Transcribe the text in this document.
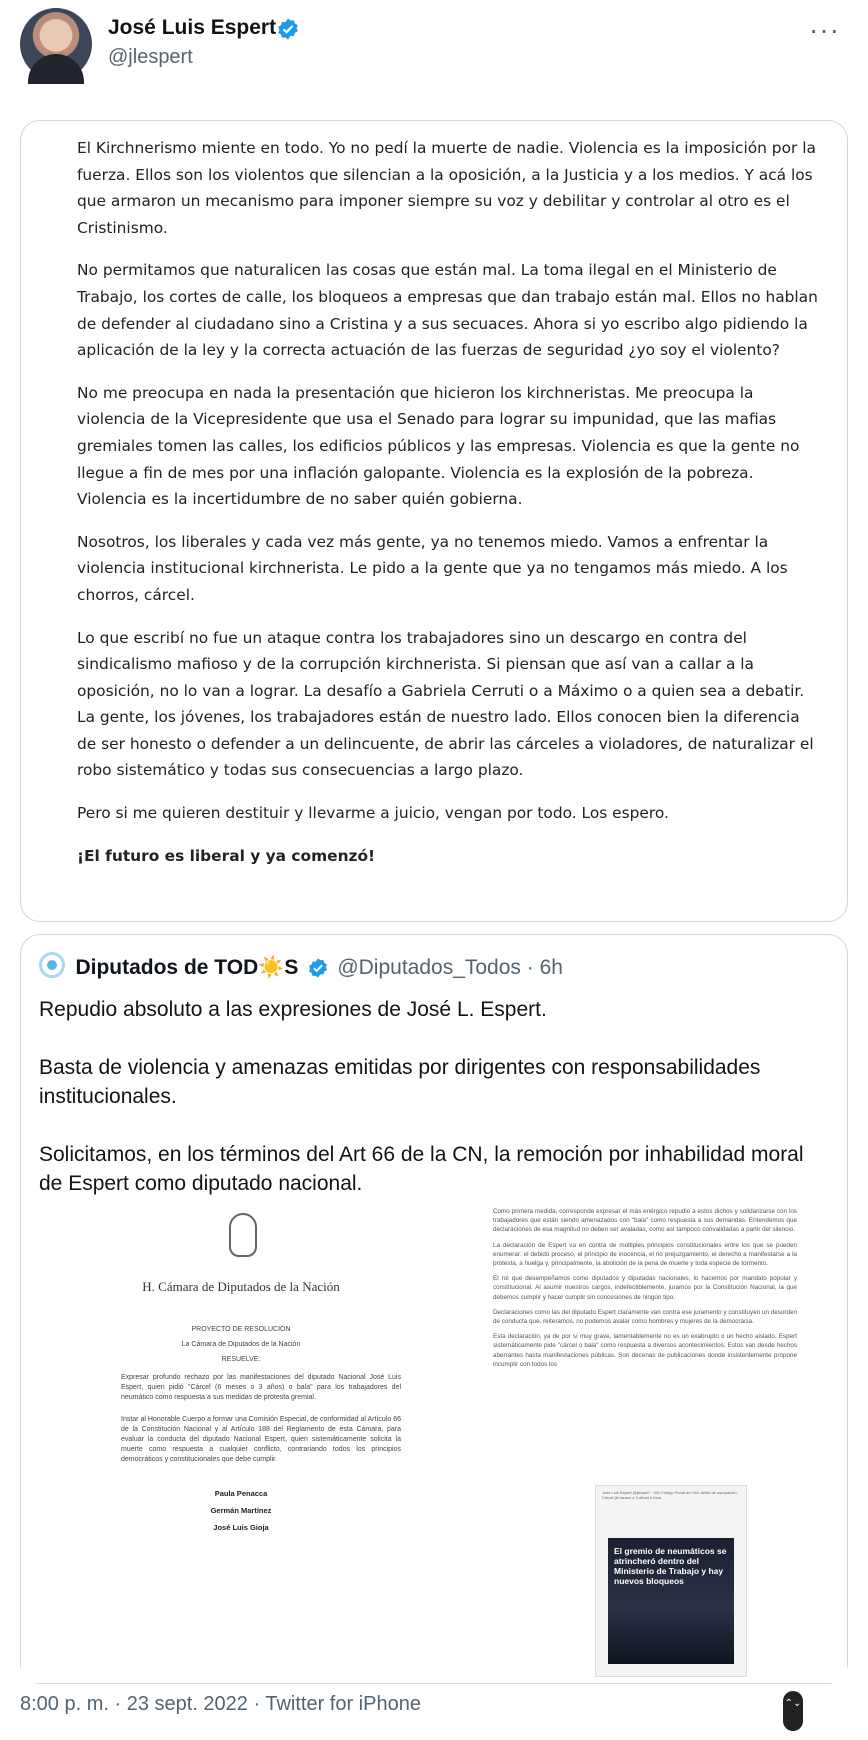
José Luis Espert
@jlespert
···

El Kirchnerismo miente en todo. Yo no pedí la muerte de nadie. Violencia es la imposición por la fuerza. Ellos son los violentos que silencian a la oposición, a la Justicia y a los medios. Y acá los que armaron un mecanismo para imponer siempre su voz y debilitar y controlar al otro es el Cristinismo.

No permitamos que naturalicen las cosas que están mal. La toma ilegal en el Ministerio de Trabajo, los cortes de calle, los bloqueos a empresas que dan trabajo están mal. Ellos no hablan de defender al ciudadano sino a Cristina y a sus secuaces. Ahora si yo escribo algo pidiendo la aplicación de la ley y la correcta actuación de las fuerzas de seguridad ¿yo soy el violento?

No me preocupa en nada la presentación que hicieron los kirchneristas. Me preocupa la violencia de la Vicepresidente que usa el Senado para lograr su impunidad, que las mafias gremiales tomen las calles, los edificios públicos y las empresas. Violencia es que la gente no llegue a fin de mes por una inflación galopante. Violencia es la explosión de la pobreza. Violencia es la incertidumbre de no saber quién gobierna.

Nosotros, los liberales y cada vez más gente, ya no tenemos miedo. Vamos a enfrentar la violencia institucional kirchnerista. Le pido a la gente que ya no tengamos más miedo. A los chorros, cárcel.

Lo que escribí no fue un ataque contra los trabajadores sino un descargo en contra del sindicalismo mafioso y de la corrupción kirchnerista. Si piensan que así van a callar a la oposición, no lo van a lograr. La desafío a Gabriela Cerruti o a Máximo o a quien sea a debatir. La gente, los jóvenes, los trabajadores están de nuestro lado. Ellos conocen bien la diferencia de ser honesto o defender a un delincuente, de abrir las cárceles a violadores, de naturalizar el robo sistemático y todas sus consecuencias a largo plazo.

Pero si me quieren destituir y llevarme a juicio, vengan por todo. Los espero.

¡El futuro es liberal y ya comenzó!

Diputados de TOD☀️S @Diputados_Todos · 6h

Repudio absoluto a las expresiones de José L. Espert.

Basta de violencia y amenazas emitidas por dirigentes con responsabilidades institucionales.

Solicitamos, en los términos del Art 66 de la CN, la remoción por inhabilidad moral de Espert como diputado nacional.

H. Cámara de Diputados de la Nación
PROYECTO DE RESOLUCIÓN
La Cámara de Diputados de la Nación
RESUELVE:
Expresar profundo rechazo por las manifestaciones del diputado Nacional José Luis Espert, quien pidió "Cárcel (6 meses o 3 años) o bala" para los trabajadores del neumático como respuesta a sus medidas de protesta gremial.
Instar al Honorable Cuerpo a formar una Comisión Especial, de conformidad al Artículo 66 de la Constitución Nacional y al Artículo 188 del Reglamento de esta Cámara, para evaluar la conducta del diputado Nacional Espert, quien sistemáticamente solicita la muerte como respuesta a cualquier conflicto, contrariando todos los principios democráticos y constitucionales que debe cumplir.
Paula Penacca
Germán Martínez
José Luis Gioja

Como primera medida, corresponde expresar el más enérgico repudio a estos dichos y solidarizarse con los trabajadores que están siendo amenazados con "bala" como respuesta a sus demandas. Entendemos que declaraciones de esa magnitud no deben ser avaladas, como así tampoco convalidadas a partir del silencio.

La declaración de Espert va en contra de múltiples principios constitucionales entre los que se pueden enumerar: el debido proceso, el principio de inocencia, el no prejuzgamiento, el derecho a manifestarse a la protesta, a huelga y, principalmente, la abolición de la pena de muerte y toda especie de tormento.

El rol que desempeñamos como diputados y diputadas nacionales, lo hacemos por mandato popular y constitucional. Al asumir nuestros cargos, indefectiblemente, juramos por la Constitución Nacional, la que debemos cumplir y hacer cumplir sin concesiones de ningún tipo.

Declaraciones como las del diputado Espert claramente van contra ese juramento y constituyen un desorden de conducta que, reiteramos, no podemos avalar como hombres y mujeres de la democracia.

Esta declaración, ya de por sí muy grave, lamentablemente no es un exabrupto o un hecho aislado. Espert sistemáticamente pide "cárcel o bala" como respuesta a diversos acontecimientos. Estos van desde hechos aberrantes hasta manifestaciones públicas. Son decenas de publicaciones donde insistentemente propone incumplir con todos los

José Luis Espert @jlespert · 16h Código Penal art 194: delito de usurpación. Cárcel (6 meses a 3 años) o bala.
El gremio de neumáticos se atrincheró dentro del Ministerio de Trabajo y hay nuevos bloqueos
⌃⌄
8:00 p. m. · 23 sept. 2022 · Twitter for iPhone
